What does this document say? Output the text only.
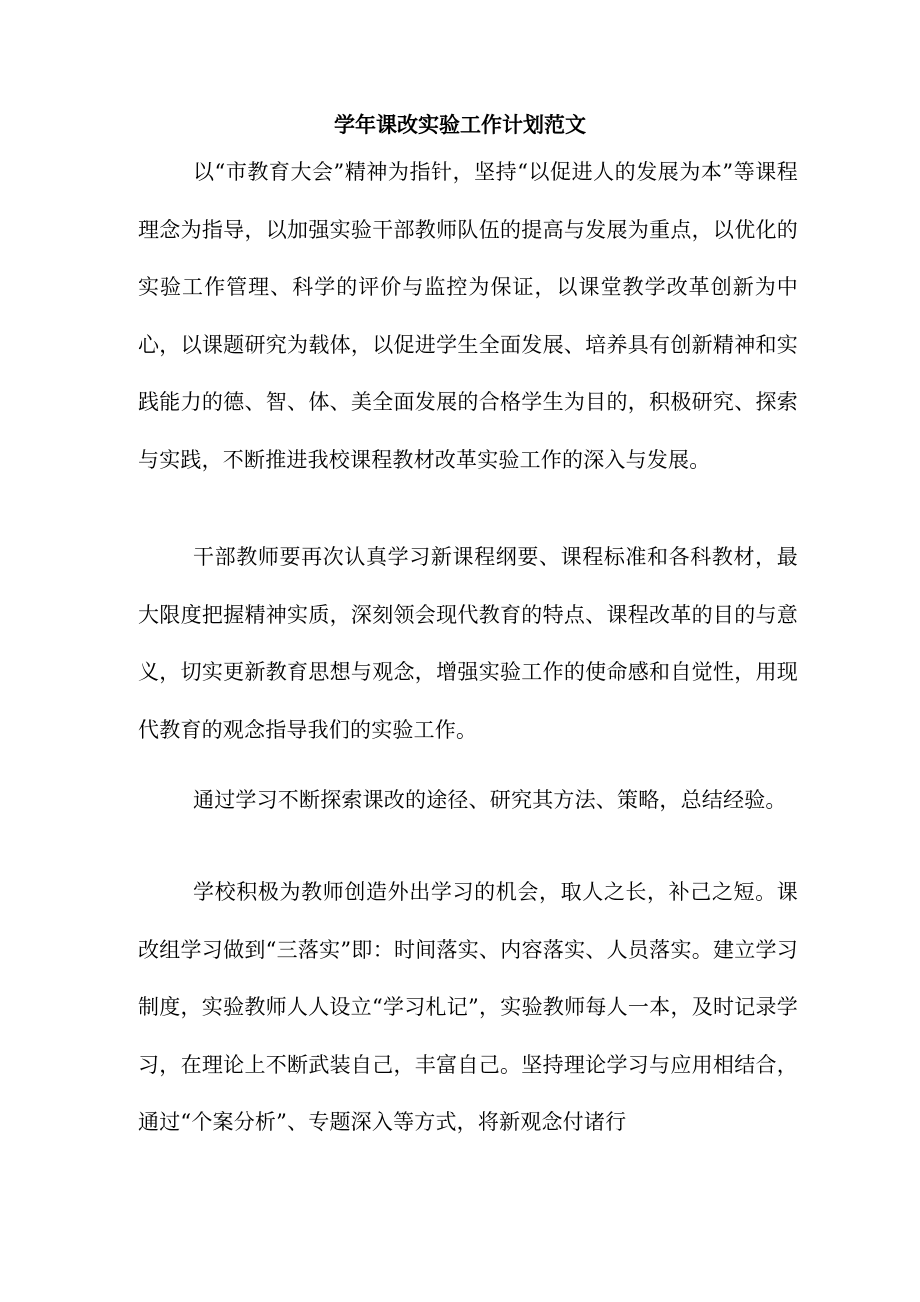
学年课改实验工作计划范文

以“市教育大会”精神为指针，坚持“以促进人的发展为本”等课程理念为指导，以加强实验干部教师队伍的提高与发展为重点，以优化的实验工作管理、科学的评价与监控为保证，以课堂教学改革创新为中心，以课题研究为载体，以促进学生全面发展、培养具有创新精神和实践能力的德、智、体、美全面发展的合格学生为目的，积极研究、探索与实践，不断推进我校课程教材改革实验工作的深入与发展。

干部教师要再次认真学习新课程纲要、课程标准和各科教材，最大限度把握精神实质，深刻领会现代教育的特点、课程改革的目的与意义，切实更新教育思想与观念，增强实验工作的使命感和自觉性，用现代教育的观念指导我们的实验工作。

通过学习不断探索课改的途径、研究其方法、策略，总结经验。

学校积极为教师创造外出学习的机会，取人之长，补己之短。课改组学习做到“三落实”即：时间落实、内容落实、人员落实。建立学习制度，实验教师人人设立“学习札记”，实验教师每人一本，及时记录学习，在理论上不断武装自己，丰富自己。坚持理论学习与应用相结合，通过“个案分析”、专题深入等方式，将新观念付诸行
